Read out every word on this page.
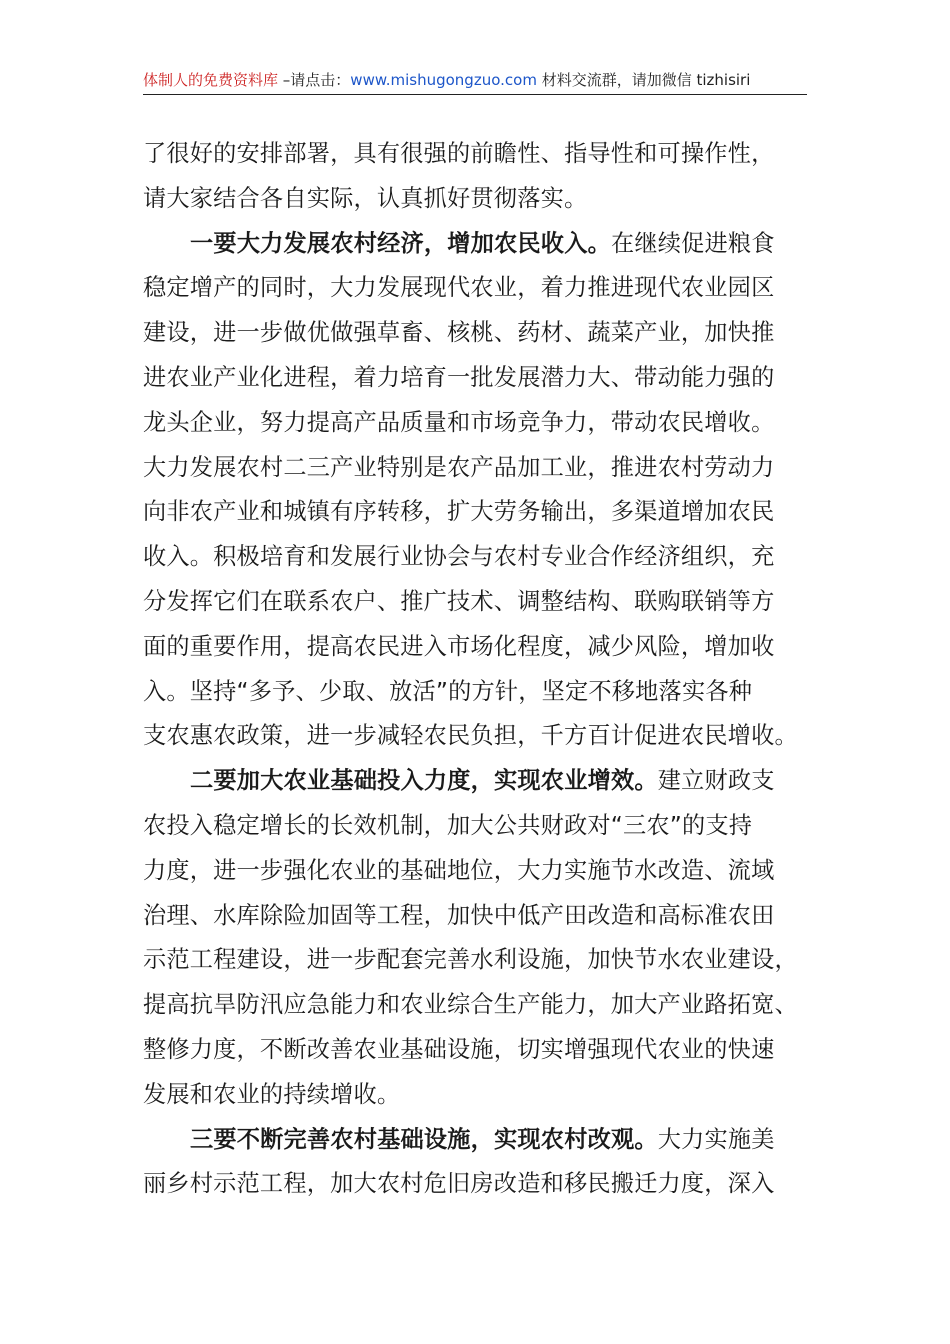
体制人的免费资料库 –请点击：www.mishugongzuo.com 材料交流群，请加微信 tizhisiri
了很好的安排部署，具有很强的前瞻性、指导性和可操作性，
请大家结合各自实际，认真抓好贯彻落实。
一要大力发展农村经济，增加农民收入。在继续促进粮食
稳定增产的同时，大力发展现代农业，着力推进现代农业园区
建设，进一步做优做强草畜、核桃、药材、蔬菜产业，加快推
进农业产业化进程，着力培育一批发展潜力大、带动能力强的
龙头企业，努力提高产品质量和市场竞争力，带动农民增收。
大力发展农村二三产业特别是农产品加工业，推进农村劳动力
向非农产业和城镇有序转移，扩大劳务输出，多渠道增加农民
收入。积极培育和发展行业协会与农村专业合作经济组织，充
分发挥它们在联系农户、推广技术、调整结构、联购联销等方
面的重要作用，提高农民进入市场化程度，减少风险，增加收
入。坚持“多予、少取、放活”的方针，坚定不移地落实各种
支农惠农政策，进一步减轻农民负担，千方百计促进农民增收。
二要加大农业基础投入力度，实现农业增效。建立财政支
农投入稳定增长的长效机制，加大公共财政对“三农”的支持
力度，进一步强化农业的基础地位，大力实施节水改造、流域
治理、水库除险加固等工程，加快中低产田改造和高标准农田
示范工程建设，进一步配套完善水利设施，加快节水农业建设，
提高抗旱防汛应急能力和农业综合生产能力，加大产业路拓宽、
整修力度，不断改善农业基础设施，切实增强现代农业的快速
发展和农业的持续增收。
三要不断完善农村基础设施，实现农村改观。大力实施美
丽乡村示范工程，加大农村危旧房改造和移民搬迁力度，深入
